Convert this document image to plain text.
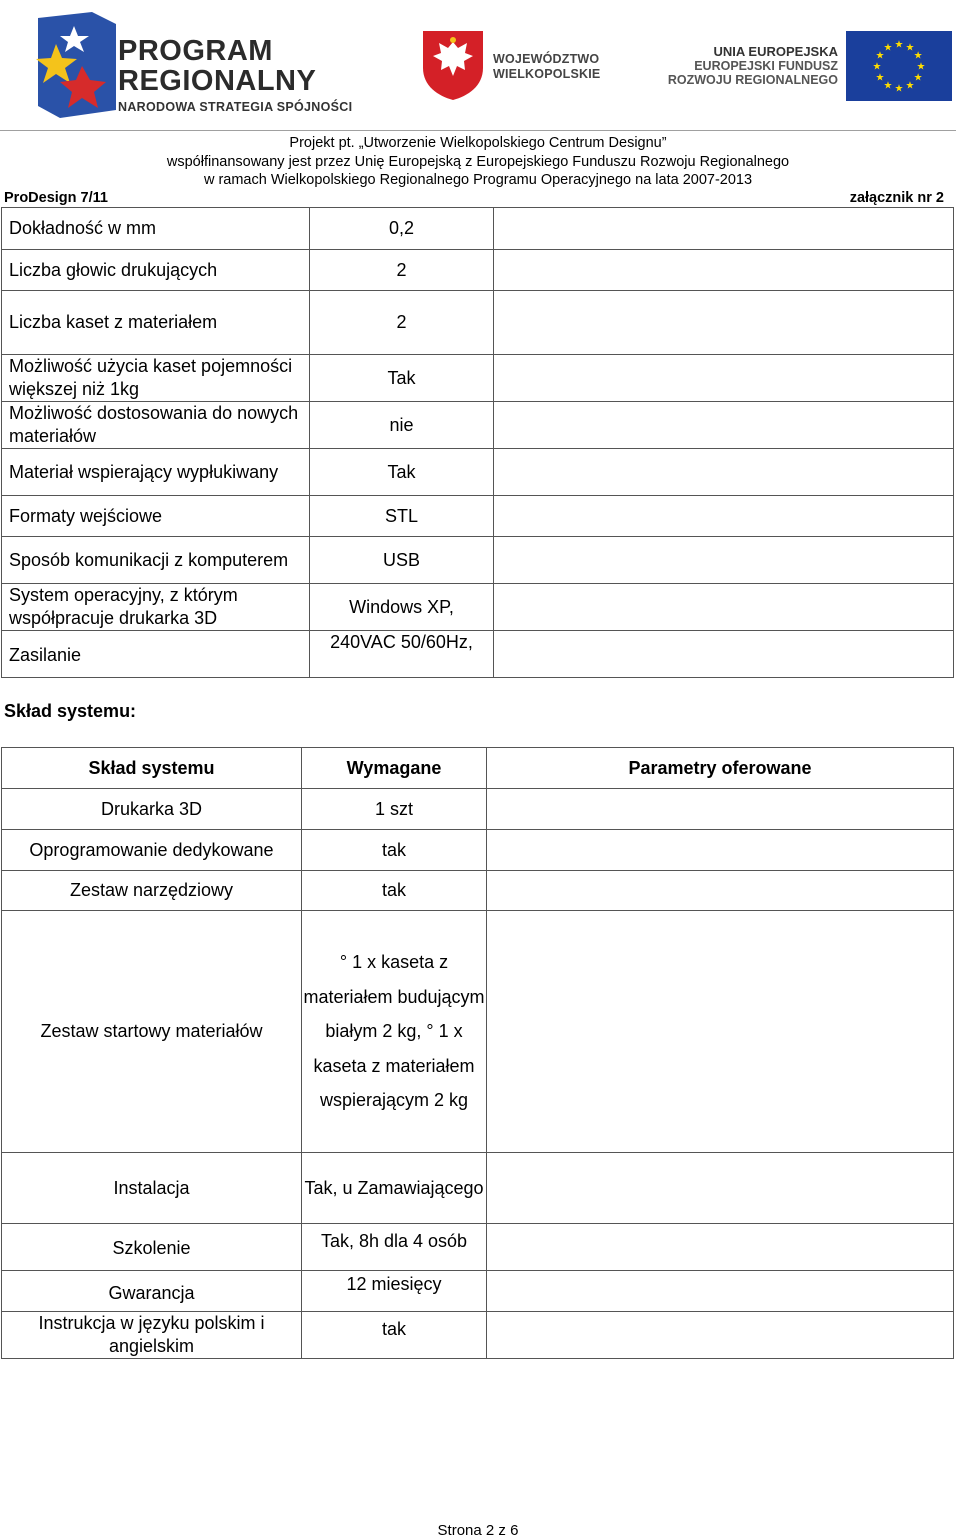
PROGRAM
REGIONALNY
NARODOWA STRATEGIA SPÓJNOŚCI
WOJEWÓDZTWO
WIELKOPOLSKIE
UNIA EUROPEJSKA
EUROPEJSKI FUNDUSZ
ROZWOJU REGIONALNEGO
★
★
★
★
★
★
★
★
★ ★ ★
★
Projekt pt. „Utworzenie Wielkopolskiego Centrum Designu”
współfinansowany jest przez Unię Europejską z Europejskiego Funduszu Rozwoju Regionalnego
w ramach Wielkopolskiego Regionalnego Programu Operacyjnego na lata 2007-2013
ProDesign 7/11	załącznik nr 2
Dokładność w mm	0,2	
Liczba głowic drukujących	2	
Liczba kaset z materiałem	2	
Możliwość użycia kaset pojemności większej niż 1kg	Tak	
Możliwość dostosowania do nowych materiałów	nie	
Materiał wspierający wypłukiwany	Tak	
Formaty wejściowe	STL	
Sposób komunikacji z komputerem	USB	
System operacyjny, z którym współpracuje drukarka 3D	Windows XP,	
Zasilanie	240VAC 50/60Hz,	
Skład systemu:
Skład systemu	Wymagane	Parametry oferowane
Drukarka 3D	1 szt	
Oprogramowanie dedykowane	tak	
Zestaw narzędziowy	tak	
Zestaw startowy materiałów	° 1 x kaseta z materiałem budującym białym 2 kg, ° 1 x kaseta z materiałem wspierającym 2 kg	
Instalacja	Tak, u Zamawiającego	
Szkolenie	Tak, 8h dla 4 osób	
Gwarancja	12 miesięcy	
Instrukcja w języku polskim i angielskim	tak	
Strona 2 z 6
